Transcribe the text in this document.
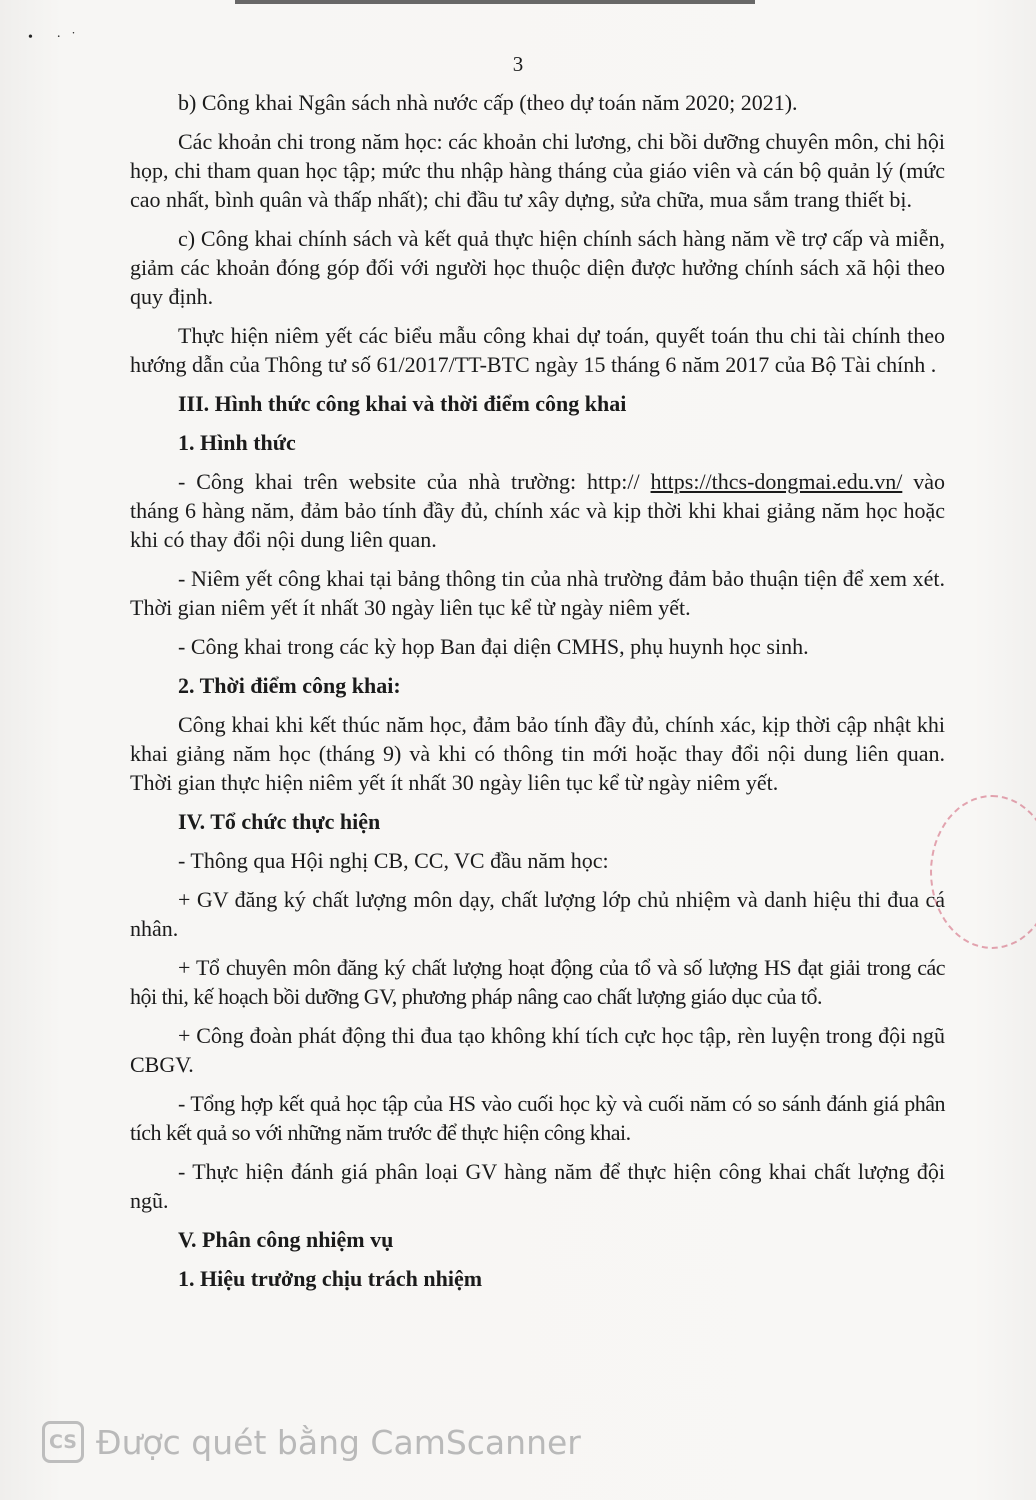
• ·˙
3

b) Công khai Ngân sách nhà nước cấp (theo dự toán năm 2020; 2021).

Các khoản chi trong năm học: các khoản chi lương, chi bồi dưỡng chuyên môn, chi hội họp, chi tham quan học tập; mức thu nhập hàng tháng của giáo viên và cán bộ quản lý (mức cao nhất, bình quân và thấp nhất); chi đầu tư xây dựng, sửa chữa, mua sắm trang thiết bị.

c) Công khai chính sách và kết quả thực hiện chính sách hàng năm về trợ cấp và miễn, giảm các khoản đóng góp đối với người học thuộc diện được hưởng chính sách xã hội theo quy định.

Thực hiện niêm yết các biểu mẫu công khai dự toán, quyết toán thu chi tài chính theo hướng dẫn của Thông tư số 61/2017/TT-BTC ngày 15 tháng 6 năm 2017 của Bộ Tài chính .

III. Hình thức công khai và thời điểm công khai

1. Hình thức

- Công khai trên website của nhà trường: http:// https://thcs-dongmai.edu.vn/ vào tháng 6 hàng năm, đảm bảo tính đầy đủ, chính xác và kịp thời khi khai giảng năm học hoặc khi có thay đổi nội dung liên quan.

- Niêm yết công khai tại bảng thông tin của nhà trường đảm bảo thuận tiện để xem xét. Thời gian niêm yết ít nhất 30 ngày liên tục kể từ ngày niêm yết.

- Công khai trong các kỳ họp Ban đại diện CMHS, phụ huynh học sinh.

2. Thời điểm công khai:

Công khai khi kết thúc năm học, đảm bảo tính đầy đủ, chính xác, kịp thời cập nhật khi khai giảng năm học (tháng 9) và khi có thông tin mới hoặc thay đổi nội dung liên quan. Thời gian thực hiện niêm yết ít nhất 30 ngày liên tục kể từ ngày niêm yết.

IV. Tổ chức thực hiện

- Thông qua Hội nghị CB, CC, VC đầu năm học:

+ GV đăng ký chất lượng môn dạy, chất lượng lớp chủ nhiệm và danh hiệu thi đua cá nhân.

+ Tổ chuyên môn đăng ký chất lượng hoạt động của tổ và số lượng HS đạt giải trong các hội thi, kế hoạch bồi dưỡng GV, phương pháp nâng cao chất lượng giáo dục của tổ.

+ Công đoàn phát động thi đua tạo không khí tích cực học tập, rèn luyện trong đội ngũ CBGV.

- Tổng hợp kết quả học tập của HS vào cuối học kỳ và cuối năm có so sánh đánh giá phân tích kết quả so với những năm trước để thực hiện công khai.

- Thực hiện đánh giá phân loại GV hàng năm để thực hiện công khai chất lượng đội ngũ.

V. Phân công nhiệm vụ

1. Hiệu trưởng chịu trách nhiệm

CS Được quét bằng CamScanner
